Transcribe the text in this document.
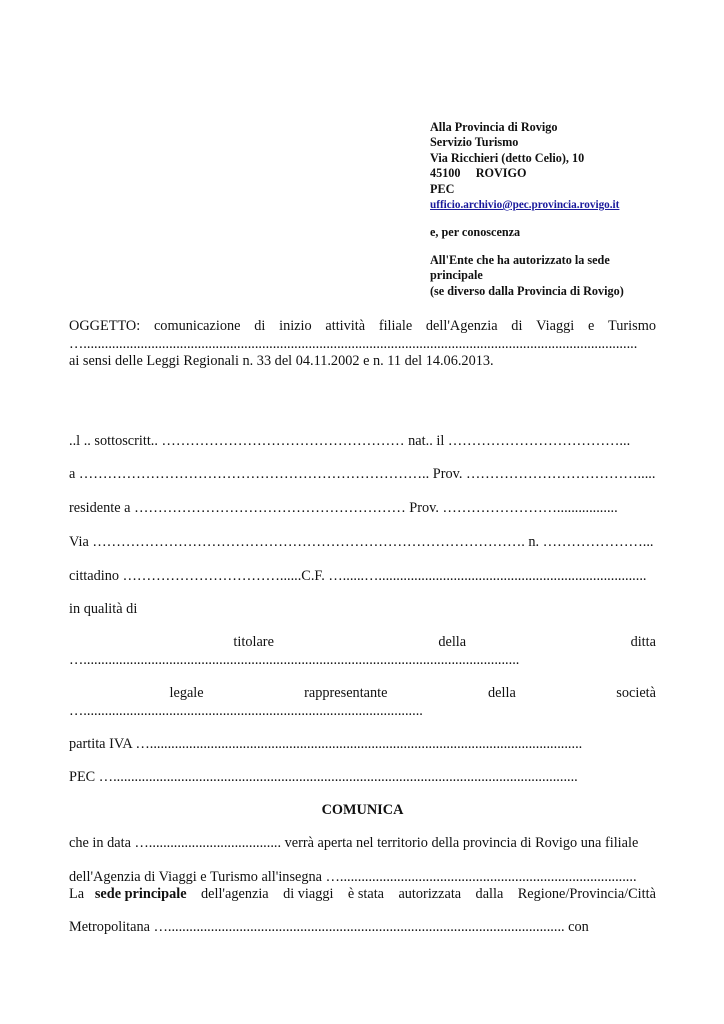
Alla Provincia di Rovigo
Servizio Turismo
Via Ricchieri (detto Celio), 10
45100     ROVIGO
PEC
ufficio.archivio@pec.provincia.rovigo.it
e, per conoscenza
All'Ente che ha autorizzato la sede
principale
(se diverso dalla Provincia di Rovigo)
OGGETTO: comunicazione di inizio attività filiale dell'Agenzia di Viaggi e Turismo
…...........................................................................................................................................................
ai sensi delle Leggi Regionali n. 33 del 04.11.2002 e n. 11 del 14.06.2013.
..l .. sottoscritt.. …………………………………………… nat.. il ………………………………...
a ……………………………………………………………….. Prov. ……………………………….....
residente a ………………………………………………… Prov. …………………….................
Via ………………………………………………………………………………. n. …………………...
cittadino ……………………………......C.F. …......…...........................................................................
in qualità di
titolare	della	ditta
…..........................................................................................................................
legale	rappresentante	della	società
…...............................................................................................
partita IVA ….........................................................................................................................
PEC …..................................................................................................................................
COMUNICA
che in data …..................................... verrà aperta nel territorio della provincia di Rovigo una filiale
dell'Agenzia di Viaggi e Turismo all'insegna …...................................................................................
La sede principale dell'agenzia di viaggi è stata autorizzata dalla Regione/Provincia/Città
Metropolitana …............................................................................................................... con
